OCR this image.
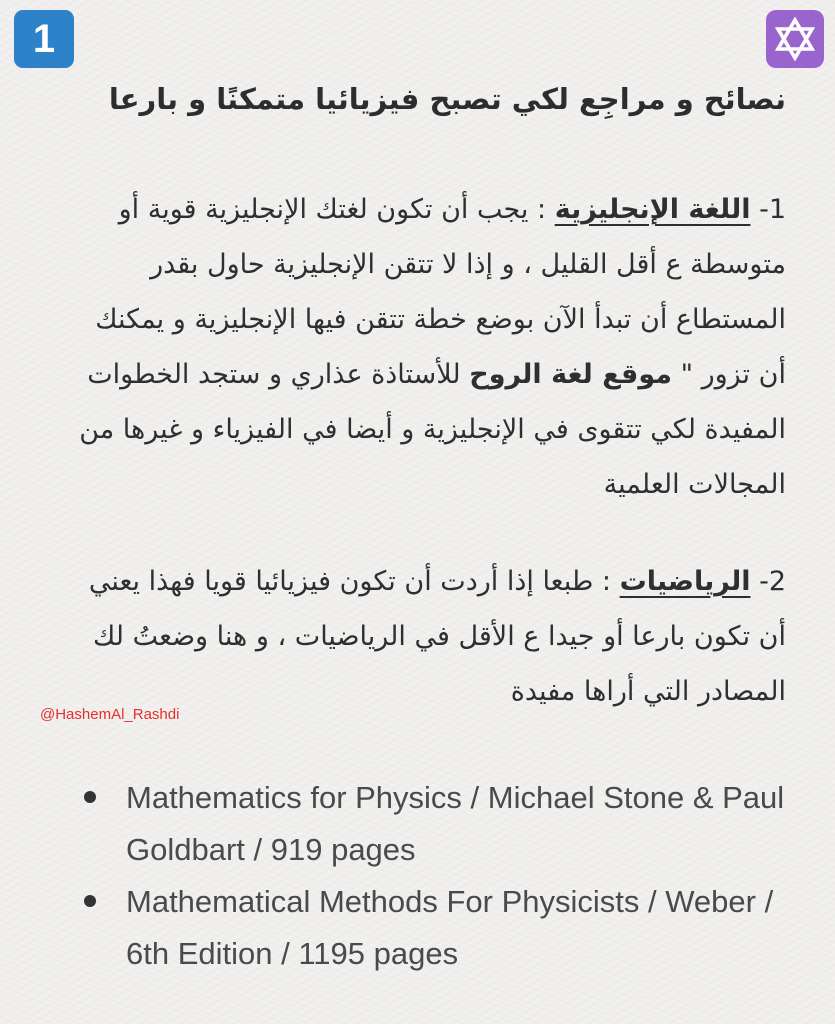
1
نصائح و مراجِع لكي تصبح فيزيائيا متمكنًا و بارعا

1- اللغة الإنجليزية : يجب أن تكون لغتك الإنجليزية قوية أو متوسطة ع أقل القليل ، و إذا لا تتقن الإنجليزية حاول بقدر المستطاع أن تبدأ الآن بوضع خطة تتقن فيها الإنجليزية و يمكنك أن تزور " موقع لغة الروح للأستاذة عذاري و ستجد الخطوات المفيدة لكي تتقوى في الإنجليزية و أيضا في الفيزياء و غيرها من المجالات العلمية

2- الرياضيات : طبعا إذا أردت أن تكون فيزيائيا قويا فهذا يعني أن تكون بارعا أو جيدا ع الأقل في الرياضيات ، و هنا وضعتُ لك المصادر التي أراها مفيدة

@HashemAl_Rashdi
Mathematics for Physics / Michael Stone & Paul Goldbart / 919 pages
Mathematical Methods For Physicists / Weber / 6th Edition / 1195 pages
